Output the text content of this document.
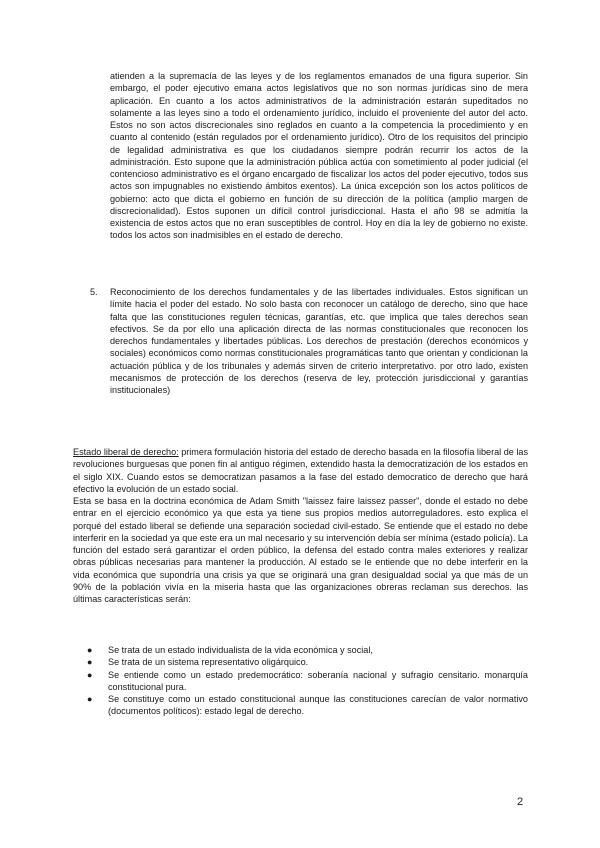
atienden a la supremacía de las leyes y de los reglamentos emanados de una figura superior. Sin embargo, el poder ejecutivo emana actos legislativos que no son normas jurídicas sino de mera aplicación. En cuanto a los actos administrativos de la administración estarán supeditados no solamente a las leyes sino a todo el ordenamiento jurídico, incluido el proveniente del autor del acto. Estos no son actos discrecionales sino reglados en cuanto a la competencia la procedimiento y en cuanto al contenido (están regulados por el ordenamiento jurídico). Otro de los requisitos del principio de legalidad administrativa es que los ciudadanos siempre podrán recurrir los actos de la administración. Esto supone que la administración pública actúa con sometimiento al poder judicial (el contencioso administrativo es el órgano encargado de fiscalizar los actos del poder ejecutivo, todos sus actos son impugnables no existiendo ámbitos exentos). La única excepción son los actos políticos de gobierno: acto que dicta el gobierno en función de su dirección de la política (amplio margen de discrecionalidad). Estos suponen un difícil control jurisdiccional. Hasta el año 98 se admitía la existencia de estos actos que no eran susceptibles de control. Hoy en día la ley de gobierno no existe. todos los actos son inadmisibles en el estado de derecho.

5. Reconocimiento de los derechos fundamentales y de las libertades individuales. Estos significan un límite hacia el poder del estado. No solo basta con reconocer un catálogo de derecho, sino que hace falta que las constituciones regulen técnicas, garantías, etc. que implica que tales derechos sean efectivos. Se da por ello una aplicación directa de las normas constitucionales que reconocen los derechos fundamentales y libertades públicas. Los derechos de prestación (derechos económicos y sociales) económicos como normas constitucionales programáticas tanto que orientan y condicionan la actuación pública y de los tribunales y además sirven de criterio interpretativo. por otro lado, existen mecanismos de protección de los derechos (reserva de ley, protección jurisdiccional y garantías institucionales)

Estado liberal de derecho: primera formulación historia del estado de derecho basada en la filosofía liberal de las revoluciones burguesas que ponen fin al antiguo régimen, extendido hasta la democratización de los estados en el siglo XIX. Cuando estos se democratizan pasamos a la fase del estado democratico de derecho que hará efectivo la evolución de un estado social.

Esta se basa en la doctrina económica de Adam Smith "laissez faire laissez passer", donde el estado no debe entrar en el ejercicio económico ya que esta ya tiene sus propios medios autorreguladores. esto explica el porqué del estado liberal se defiende una separación sociedad civil-estado. Se entiende que el estado no debe interferir en la sociedad ya que este era un mal necesario y su intervención debía ser mínima (estado policía). La función del estado será garantizar el orden público, la defensa del estado contra males exteriores y realizar obras públicas necesarias para mantener la producción. Al estado se le entiende que no debe interferir en la vida económica que supondría una crisis ya que se originará una gran desigualdad social ya que más de un 90% de la población vivía en la miseria hasta que las organizaciones obreras reclaman sus derechos. las últimas características serán:

● Se trata de un estado individualista de la vida económica y social,
● Se trata de un sistema representativo oligárquico.
● Se entiende como un estado predemocrático: soberanía nacional y sufragio censitario. monarquía constitucional pura.
● Se constituye como un estado constitucional aunque las constituciones carecían de valor normativo (documentos políticos): estado legal de derecho.
2
